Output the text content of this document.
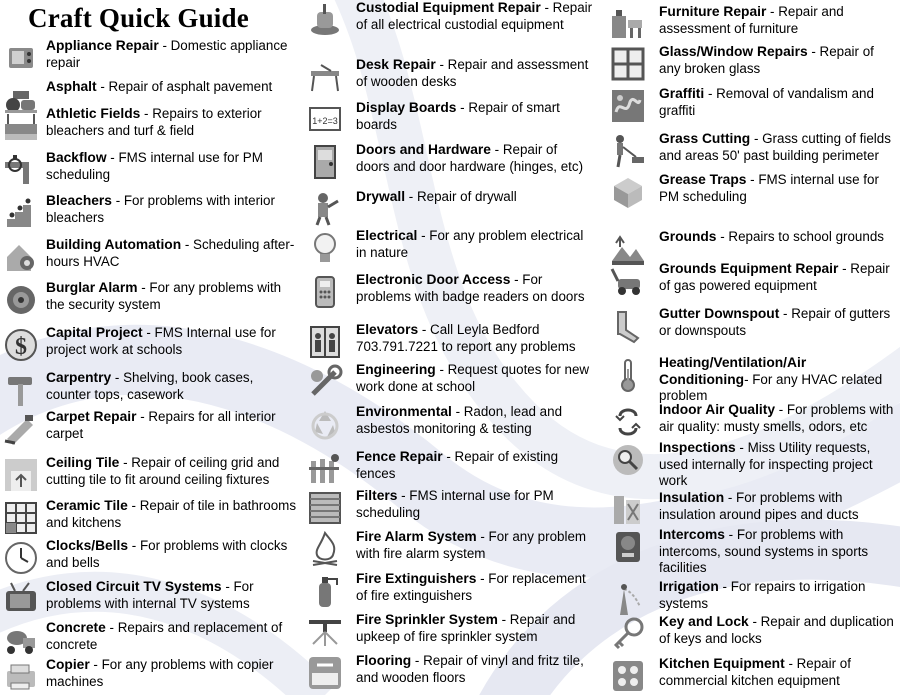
Craft Quick Guide
Appliance Repair - Domestic appliance repair
Asphalt - Repair of asphalt pavement
Athletic Fields - Repairs to exterior bleachers and turf & field
Backflow - FMS internal use for PM scheduling
Bleachers - For problems with interior bleachers
Building Automation - Scheduling after-hours HVAC
Burglar Alarm - For any problems with the security system
$
Capital Project - FMS Internal use for project work at schools
Carpentry - Shelving, book cases, counter tops, casework
Carpet Repair - Repairs for all interior carpet
Ceiling Tile - Repair of ceiling grid and cutting tile to fit around ceiling fixtures
Ceramic Tile - Repair of tile in bathrooms and kitchens
Clocks/Bells - For problems with clocks and bells
Closed Circuit TV Systems - For problems with internal TV systems
Concrete - Repairs and replacement of concrete
Copier - For any problems with copier machines
Custodial Equipment Repair - Repair of all electrical custodial equipment
Desk Repair - Repair and assessment of wooden desks
1+2=3
Display Boards - Repair of smart boards
Doors and Hardware - Repair of doors and door hardware (hinges, etc)
Drywall - Repair of drywall
Electrical - For any problem electrical in nature
Electronic Door Access - For problems with badge readers on doors
Elevators - Call Leyla Bedford 703.791.7221 to report any problems
Engineering - Request quotes for new work done at school
Environmental - Radon, lead and asbestos monitoring & testing
Fence Repair - Repair of existing fences
Filters - FMS internal use for PM scheduling
Fire Alarm System - For any problem with fire alarm system
Fire Extinguishers - For replacement of fire extinguishers
Fire Sprinkler System - Repair and upkeep of fire sprinkler system
Flooring - Repair of vinyl and fritz tile, and wooden floors
Furniture Repair - Repair and assessment of furniture
Glass/Window Repairs - Repair of any broken glass
Graffiti - Removal of vandalism and graffiti
Grass Cutting - Grass cutting of fields and areas 50' past building perimeter
Grease Traps - FMS internal use for PM scheduling
Grounds - Repairs to school grounds
Grounds Equipment Repair - Repair of gas powered equipment
Gutter Downspout - Repair of gutters or downspouts
Heating/Ventilation/Air Conditioning- For any HVAC related problem
Indoor Air Quality - For problems with air quality: musty smells, odors, etc
Inspections - Miss Utility requests, used internally for inspecting project work
Insulation - For problems with insulation around pipes and ducts
Intercoms - For problems with intercoms, sound systems in sports facilities
Irrigation - For repairs to irrigation systems
Key and Lock - Repair and duplication of keys and locks
Kitchen Equipment - Repair of commercial kitchen equipment
